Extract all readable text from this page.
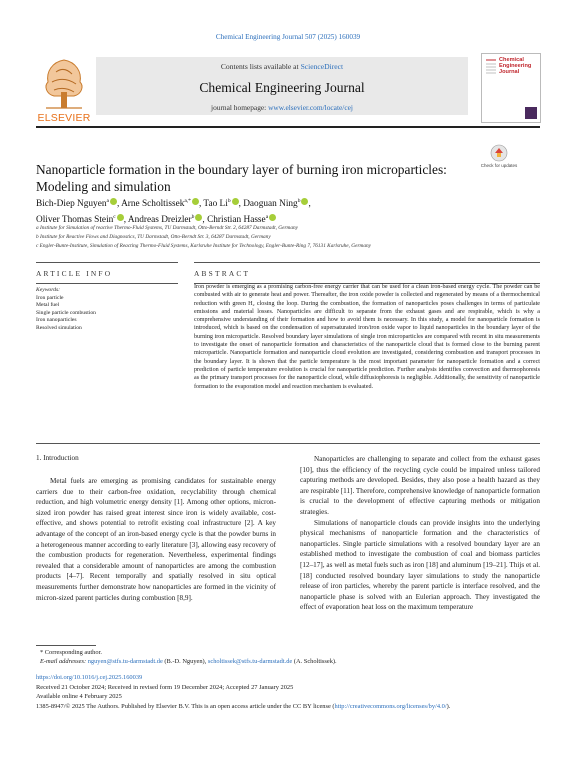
Chemical Engineering Journal 507 (2025) 160039
ELSEVIER
Contents lists available at ScienceDirect
Chemical Engineering Journal
journal homepage: www.elsevier.com/locate/cej
Chemical Engineering Journal
Nanoparticle formation in the boundary layer of burning iron microparticles: Modeling and simulation
Check for updates
Bich-Diep Nguyen$^a$ , Arne Scholtissek$^{a,*}$ , Tao Li$^b$ , Daoguan Ning$^b$ ,
Oliver Thomas Stein$^c$ , Andreas Dreizler$^b$ , Christian Hasse$^a$
a Institute for Simulation of reactive Thermo-Fluid Systems, TU Darmstadt, Otto-Berndt Str. 2, 64287 Darmstadt, Germany
b Institute for Reactive Flows and Diagnostics, TU Darmstadt, Otto-Berndt Str. 3, 64287 Darmstadt, Germany
c Engler-Bunte-Institute, Simulation of Reacting Thermo-Fluid Systems, Karlsruhe Institute for Technology, Engler-Bunte-Ring 7, 76131 Karlsruhe, Germany
ARTICLE INFO	ABSTRACT
Keywords:
Iron particle
Metal fuel
Single particle combustion
Iron nanoparticles
Resolved simulation
Iron powder is emerging as a promising carbon-free energy carrier that can be used for a clean iron-based energy cycle. The powder can be combusted with air to generate heat and power. Thereafter, the iron oxide powder is collected and regenerated by means of a thermochemical reduction with green H₂ closing the loop. During the combustion, the formation of nanoparticles poses challenges in terms of particulate emissions and material losses. Nanoparticles are difficult to separate from the exhaust gases and are respirable, which is why a comprehensive understanding of their formation and how to avoid them is necessary. In this study, a model for nanoparticle formation is introduced, which is based on the condensation of supersaturated iron/iron oxide vapor to liquid nanoparticles in the boundary layer of the burning iron microparticle. Resolved boundary layer simulations of single iron microparticles are compared with recent in situ measurements to investigate the onset of nanoparticle formation and characteristics of the nanoparticle cloud that is formed close to the burning parent microparticle. Nanoparticle formation and nanoparticle cloud evolution are investigated, considering combustion and transport processes in the boundary layer. It is shown that the particle temperature is the most important parameter for nanoparticle formation and a correct prediction of particle temperature evolution is crucial for nanoparticle prediction. Further analysis identifies convection and thermophoresis as the primary transport processes for the nanoparticle cloud, while diffusiophoresis is negligible. Additionally, the sensitivity of nanoparticle formation to the evaporation model and reaction mechanism is evaluated.
1. Introduction
Metal fuels are emerging as promising candidates for sustainable energy carriers due to their carbon-free oxidation, recyclability through chemical reduction, and high volumetric energy density [1]. Among other options, micron-sized iron powder has raised great interest since iron is widely available, cost-effective, and shows potential to retrofit existing coal infrastructure [2]. A key advantage of the concept of an iron-based energy cycle is that the powder burns in a heterogeneous manner according to early literature [3], allowing easy recovery of the combustion products for regeneration. Nevertheless, experimental findings revealed that a considerable amount of nanoparticles are among the combustion products [4–7]. Recent temporally and spatially resolved in situ optical measurements further demonstrate how nanoparticles are formed in the vicinity of micron-sized parent particles during combustion [8,9].

Nanoparticles are challenging to separate and collect from the exhaust gases [10], thus the efficiency of the recycling cycle could be impaired unless tailored capturing methods are developed. Besides, they also pose a health hazard as they are respirable [11]. Therefore, comprehensive knowledge of nanoparticle formation is crucial to the development of effective capturing methods or mitigation strategies.

Simulations of nanoparticle clouds can provide insights into the underlying physical mechanisms of nanoparticle formation and the characteristics of nanoparticles. Single particle simulations with a resolved boundary layer are an established method to investigate the combustion of coal and biomass particles [12–17], as well as metal fuels such as iron [18] and aluminum [19–21]. Thijs et al. [18] conducted resolved boundary layer simulations to study the nanoparticle release of iron particles, whereby the parent particle is interface resolved, and the nanoparticle phase is solved with an Eulerian approach. They investigated the effect of evaporation heat loss on the maximum temperature

* Corresponding author.
E-mail addresses: nguyen@stfs.tu-darmstadt.de (B.-D. Nguyen), scholtissek@stfs.tu-darmstadt.de (A. Scholtissek).
https://doi.org/10.1016/j.cej.2025.160039
Received 21 October 2024; Received in revised form 19 December 2024; Accepted 27 January 2025
Available online 4 February 2025
1385-8947/© 2025 The Authors. Published by Elsevier B.V. This is an open access article under the CC BY license (http://creativecommons.org/licenses/by/4.0/).
